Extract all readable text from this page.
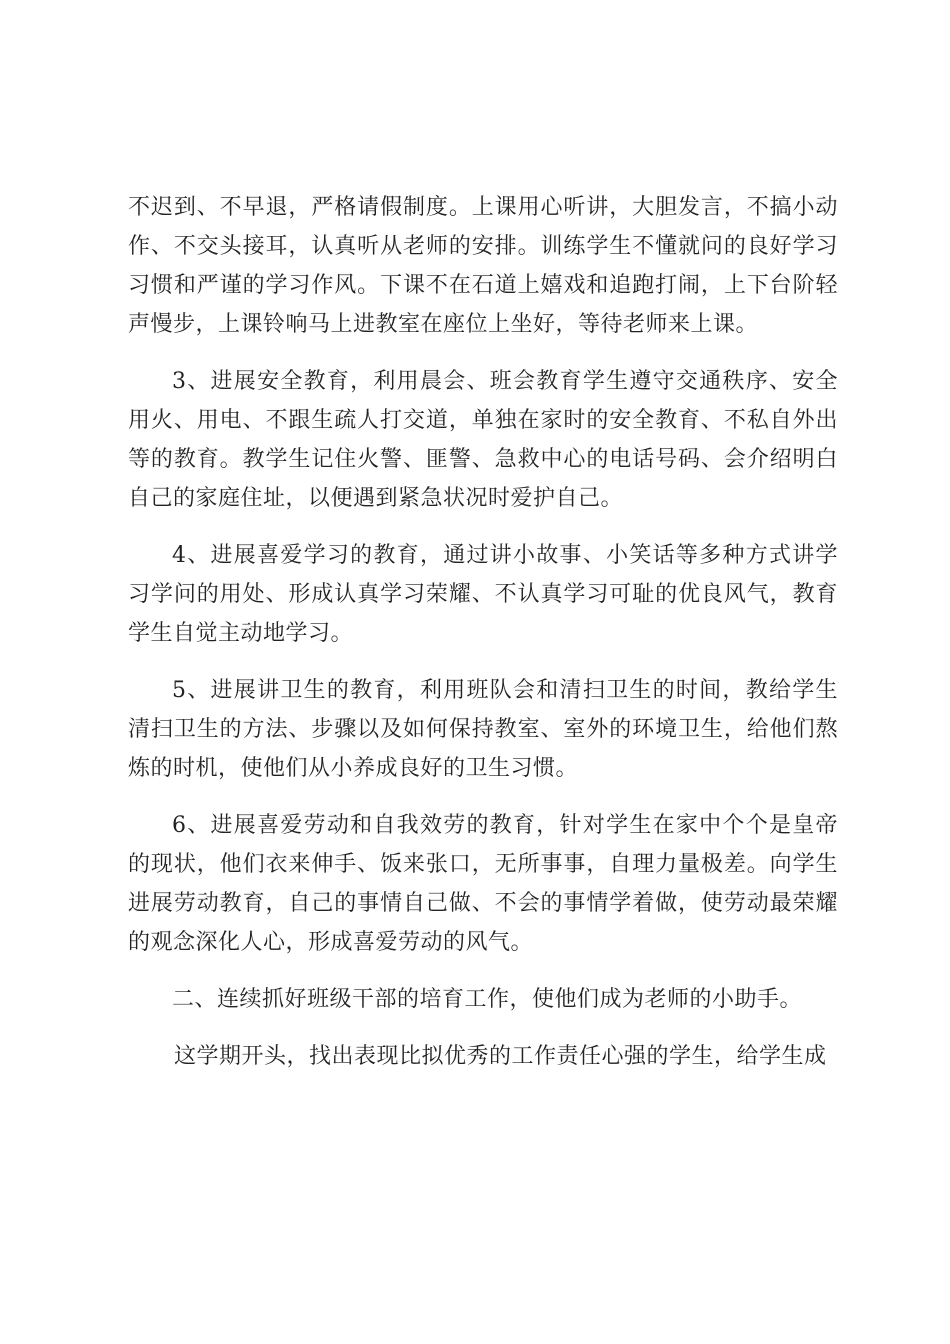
不迟到、不早退，严格请假制度。上课用心听讲，大胆发言，不搞小动作、不交头接耳，认真听从老师的安排。训练学生不懂就问的良好学习习惯和严谨的学习作风。下课不在石道上嬉戏和追跑打闹，上下台阶轻声慢步，上课铃响马上进教室在座位上坐好，等待老师来上课。

3、进展安全教育，利用晨会、班会教育学生遵守交通秩序、安全用火、用电、不跟生疏人打交道，单独在家时的安全教育、不私自外出等的教育。教学生记住火警、匪警、急救中心的电话号码、会介绍明白自己的家庭住址，以便遇到紧急状况时爱护自己。

4、进展喜爱学习的教育，通过讲小故事、小笑话等多种方式讲学习学问的用处、形成认真学习荣耀、不认真学习可耻的优良风气，教育学生自觉主动地学习。

5、进展讲卫生的教育，利用班队会和清扫卫生的时间，教给学生清扫卫生的方法、步骤以及如何保持教室、室外的环境卫生，给他们熬炼的时机，使他们从小养成良好的卫生习惯。

6、进展喜爱劳动和自我效劳的教育，针对学生在家中个个是皇帝的现状，他们衣来伸手、饭来张口，无所事事，自理力量极差。向学生进展劳动教育，自己的事情自己做、不会的事情学着做，使劳动最荣耀的观念深化人心，形成喜爱劳动的风气。

二、连续抓好班级干部的培育工作，使他们成为老师的小助手。

这学期开头，找出表现比拟优秀的工作责任心强的学生，给学生成
